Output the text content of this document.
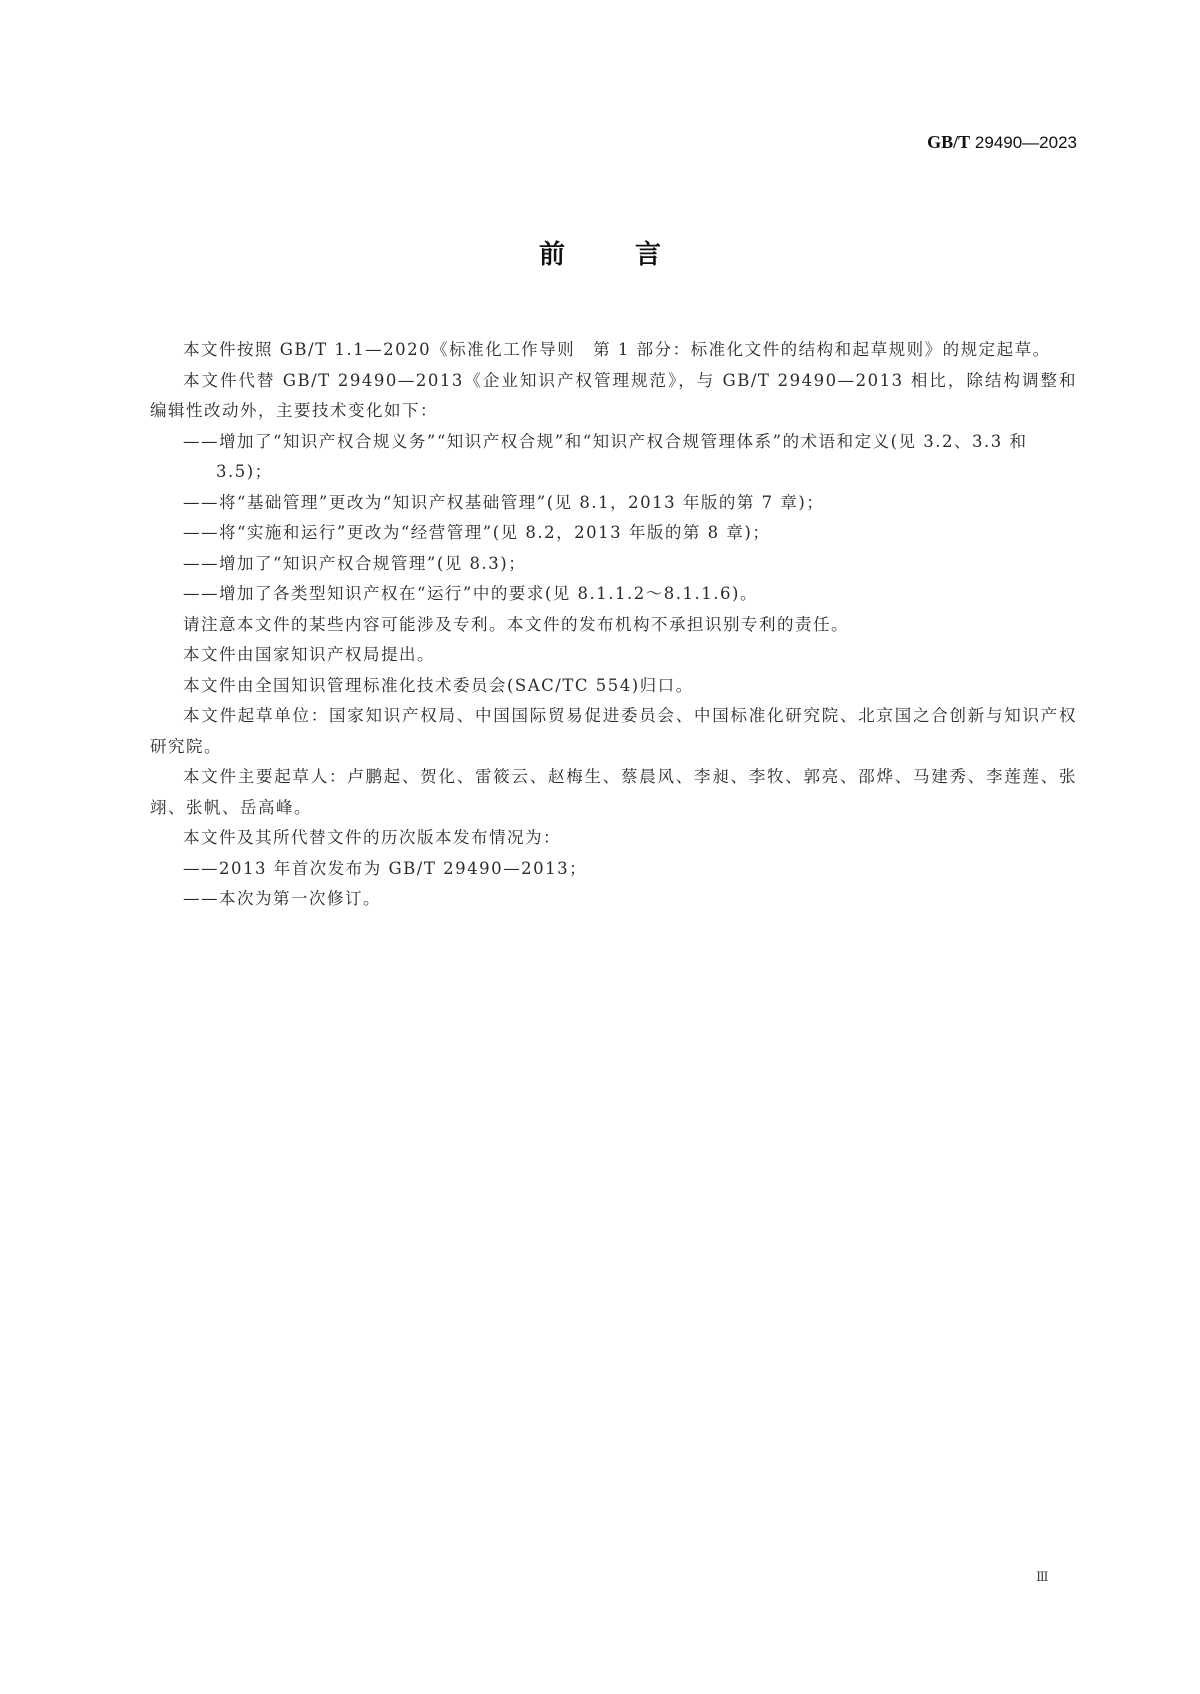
GB/T 29490—2023
前言

本文件按照 GB/T 1.1—2020《标准化工作导则　第 1 部分：标准化文件的结构和起草规则》的规定起草。

本文件代替 GB/T 29490—2013《企业知识产权管理规范》，与 GB/T 29490—2013 相比，除结构调整和编辑性改动外，主要技术变化如下：

——增加了“知识产权合规义务”“知识产权合规”和“知识产权合规管理体系”的术语和定义(见 3.2、3.3 和 3.5)；

——将“基础管理”更改为“知识产权基础管理”(见 8.1，2013 年版的第 7 章)；

——将“实施和运行”更改为“经营管理”(见 8.2，2013 年版的第 8 章)；

——增加了“知识产权合规管理”(见 8.3)；

——增加了各类型知识产权在“运行”中的要求(见 8.1.1.2～8.1.1.6)。

请注意本文件的某些内容可能涉及专利。本文件的发布机构不承担识别专利的责任。

本文件由国家知识产权局提出。

本文件由全国知识管理标准化技术委员会(SAC/TC 554)归口。

本文件起草单位：国家知识产权局、中国国际贸易促进委员会、中国标准化研究院、北京国之合创新与知识产权研究院。

本文件主要起草人：卢鹏起、贺化、雷筱云、赵梅生、蔡晨风、李昶、李牧、郭亮、邵烨、马建秀、李莲莲、张翊、张帆、岳高峰。

本文件及其所代替文件的历次版本发布情况为：

——2013 年首次发布为 GB/T 29490—2013；

——本次为第一次修订。

Ⅲ
